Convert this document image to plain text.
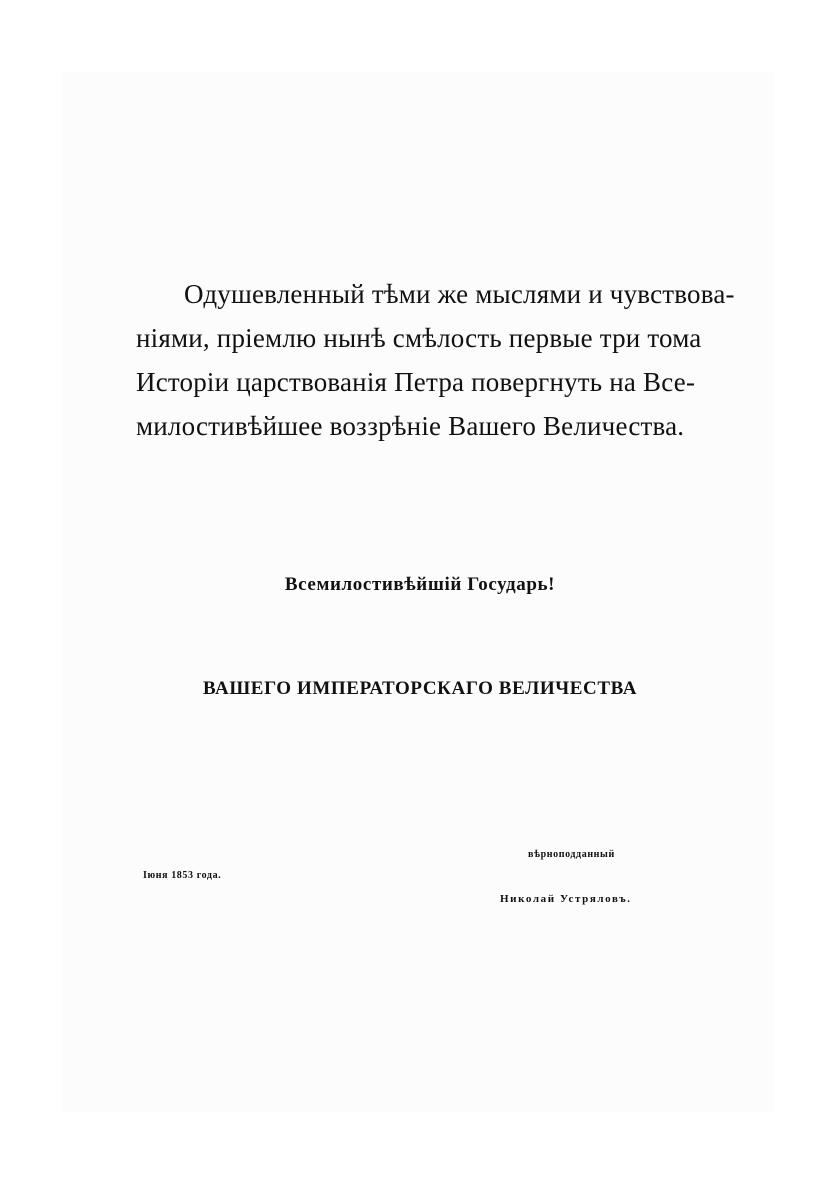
Одушевленный тѣми же мыслями и чувствова-
ніями, пріемлю нынѣ смѣлость первые три тома
Исторіи царствованія Петра повергнуть на Все-
милостивѣйшее воззрѣніе Вашего Величества.
Всемилостивѣйшій Государь!
ВАШЕГО ИМПЕРАТОРСКАГО ВЕЛИЧЕСТВА
вѣрноподданный
Іюня 1853 года.
Николай Устряловъ.
